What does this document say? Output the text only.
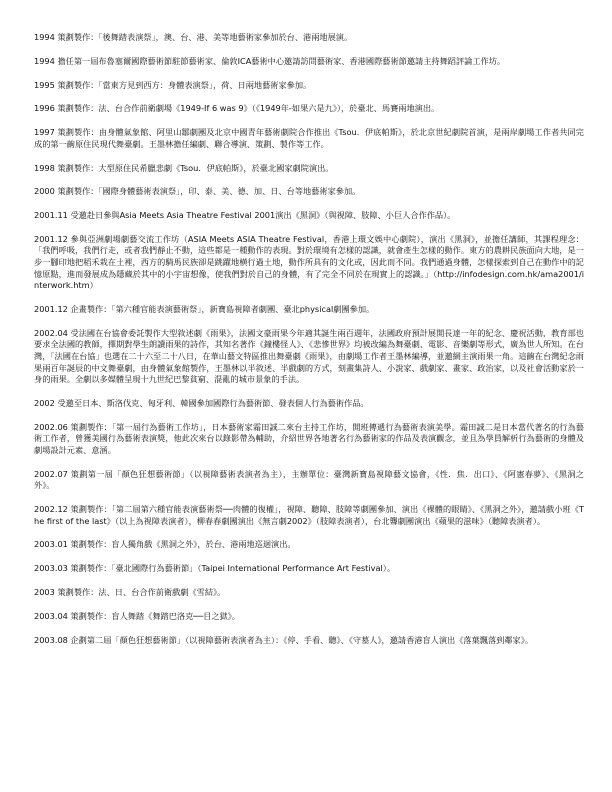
1994 策劃製作：「後舞踏表演祭」，澳、台、港、美等地藝術家參加於台、港兩地展演。

1994 擔任第一屆布魯塞爾國際藝術節駐節藝術家、倫敦ICA藝術中心邀請訪問藝術家、香港國際藝術節邀請主持舞蹈評論工作坊。

1995 策劃製作：「當東方見到西方：身體表演祭」，荷、日兩地藝術家參加。

1996 策劃製作：法、台合作前衛劇場《1949-If 6 was 9》（《1949年-如果六是九》），於臺北、馬賽兩地演出。

1997 策劃製作：由身體氣象館、阿里山鄒劇團及北京中國青年藝術劇院合作推出《Tsou．伊底帕斯》，於北京世紀劇院首演，是兩岸劇場工作者共同完成的第一齣原住民現代舞臺劇。王墨林擔任編劇、聯合導演、策劃、製作等工作。

1998 策劃製作：大型原住民希臘悲劇《Tsou．伊底帕斯》，於臺北國家劇院演出。

2000 策劃製作：「國際身體藝術表演祭」，印、泰、美、德、加、日、台等地藝術家參加。

2001.11 受邀赴日參與Asia Meets Asia Theatre Festival 2001演出《黑洞》（與視障、肢障、小巨人合作作品）。

2001.12 參與亞洲劇場劇藝交流工作坊（ASIA Meets ASIA Theatre Festival，香港上環文娛中心劇院），演出《黑洞》，並擔任講師，其課程理念：「我們呼吸，我們行走，或者我們靜止不動，這些都是一種動作的表現。對於環境有怎樣的認識，就會產生怎樣的動作。東方的農耕民族面向大地，是一步一腳印地把稻禾栽在土裡，西方的騎馬民族卻是跳躍地横行過土地，動作所具有的文化或，因此而不同。我們通過身體，怎樣探索到自己在動作中的記憶原點，進而發展成為隱藏於其中的小宇宙想像，使我們對於自己的身體，有了完全不同於在現實上的認識。」（http://infodesign.com.hk/ama2001/interwork.htm）

2001.12 企畫製作：「第六種官能表演藝術祭」，新寶島視障者劇團、臺北physical劇團參加。

2002.04 受法國在台協會委託製作大型敘述劇《雨果》，法國文豪雨果今年適其誕生兩百週年，法國政府預計展開長達一年的紀念、慶祝活動，教育部也要求全法國的教師，擇期對學生朗讀雨果的詩作，其知名著作《鐘樓怪人》、《悲慘世界》均被改編為舞臺劇、電影、音樂劇等形式，廣為世人所知。在台灣，「法國在台協」也選在二十六至二十八日，在華山藝文特區推出舞臺劇《雨果》，由劇場工作者王墨林編導，並邀網主演雨果一角。這齣在台灣紀念雨果兩百年誕辰的中文舞臺劇，由身體氣象館製作，王墨林以半敘述、半戲劇的方式，刻畫集詩人、小說家、戲劇家、畫家、政治家，以及社會活動家於一身的雨果。全劇以多媒體呈現十九世紀巴黎貧窮、混亂的城市景象的手法。

2002 受邀至日本、斯洛伐克、匈牙利、韓國參加國際行為藝術節、發表個人行為藝術作品。

2002.06 策劃製作：「第一屆行為藝術工作坊」，日本藝術家霜田誠二來台主持工作坊，開班傳遞行為藝術表演美學。霜田誠二是日本當代著名的行為藝術工作者，曾獲美國行為藝術表演獎，他此次來台以錄影帶為輔助，介紹世界各地著名行為藝術家的作品及表演觀念，並且為學員解析行為藝術的身體及劇場設計元素、意涵。

2002.07 策劃第一屆「顏色狂想藝術節」（以視障藝術表演者為主），主辦單位：臺灣新寶島視障藝文協會，《性．焦．出口》、《阿憲春夢》、《黑洞之外》。

2002.12 策劃製作：「第二屆第六種官能表演藝術祭──肉體的復權」，視障、聽障、肢障等劇團參加、演出《裸體的眼睛》、《黑洞之外》，邀請戲小班《The first of the last》（以上為視障表演者），柳春春劇團演出《無言劇2002》（肢障表演者），台北聾劇團演出《蘋果的滋味》（聽障表演者）。

2003.01 策劃製作：盲人獨角戲《黑洞之外》，於台、港兩地巡迴演出。

2003.03 策劃製作：「臺北國際行為藝術節」（Taipei International Performance Art Festival）。

2003 策劃製作：法、日、台合作前衛戲劇《雪結》。

2003.04 策劃製作：盲人舞踏《舞踏巴洛克──目之獄》。

2003.08 企劃第二屆「顏色狂想藝術節」（以視障藝術表演者為主）：《停、手看、聽》、《守墓人》，邀請香港盲人演出《落葉飄落到鄰家》。
